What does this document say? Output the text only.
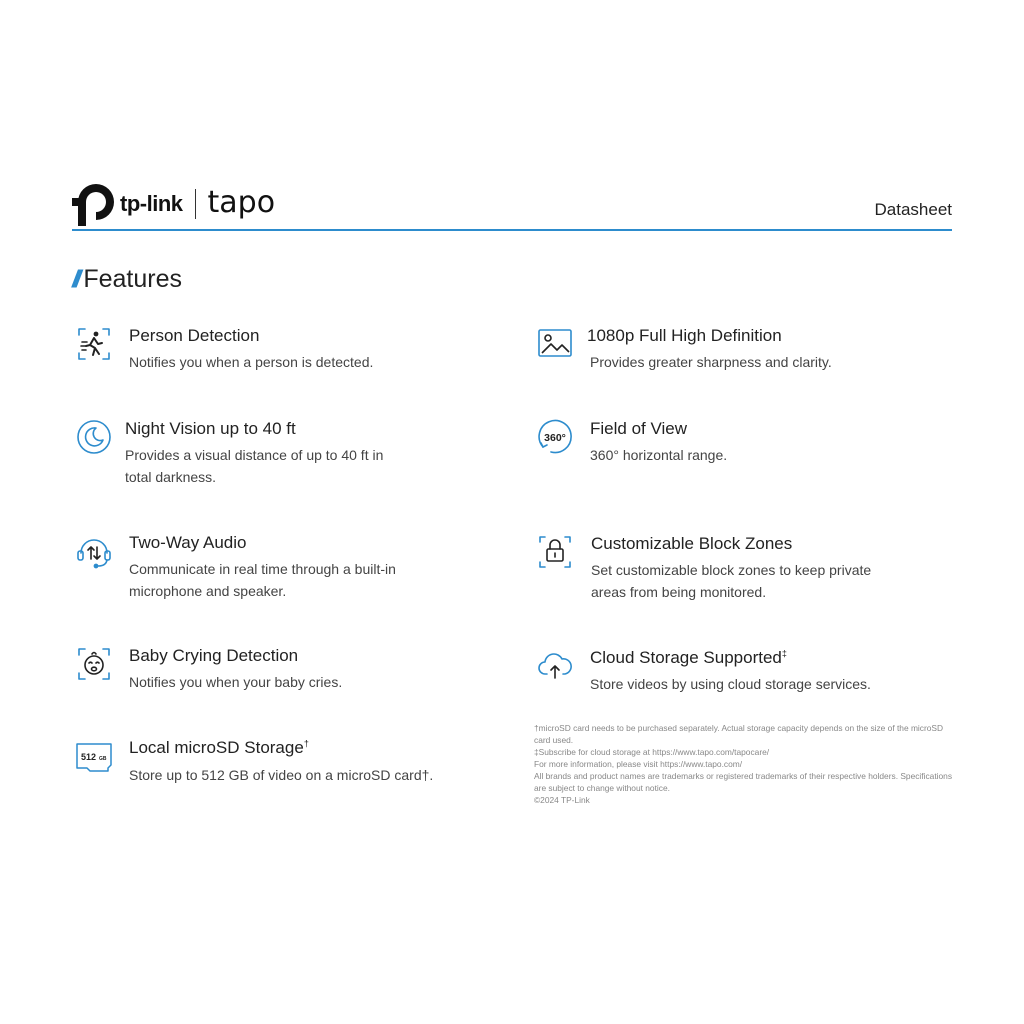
tp-link tapo	Datasheet
// Features
Person Detection
Notifies you when a person is detected.
1080p Full High Definition
Provides greater sharpness and clarity.
Night Vision up to 40 ft
Provides a visual distance of up to 40 ft in total darkness.
360° Field of View
360° horizontal range.
Two-Way Audio
Communicate in real time through a built-in microphone and speaker.
Customizable Block Zones
Set customizable block zones to keep private areas from being monitored.
Baby Crying Detection
Notifies you when your baby cries.
Cloud Storage Supported‡
Store videos by using cloud storage services.
512 GB
Local microSD Storage†
Store up to 512 GB of video on a microSD card†.
†microSD card needs to be purchased separately. Actual storage capacity depends on the size of the microSD card used.
‡Subscribe for cloud storage at https://www.tapo.com/tapocare/
For more information, please visit https://www.tapo.com/
All brands and product names are trademarks or registered trademarks of their respective holders. Specifications are subject to change without notice.
©2024 TP-Link
